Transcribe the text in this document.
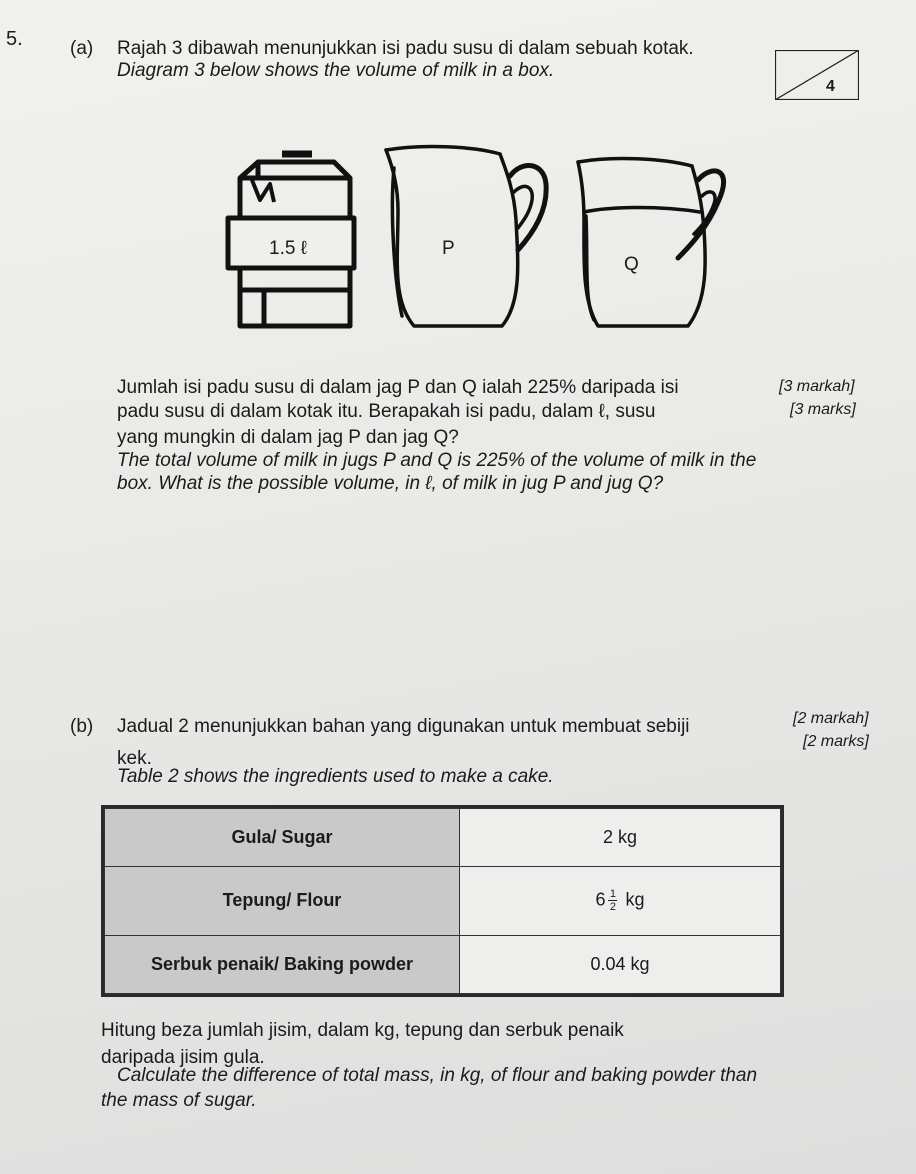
5. (a) Rajah 3 dibawah menunjukkan isi padu susu di dalam sebuah kotak.
Diagram 3 below shows the volume of milk in a box.
4
1.5 ℓ	P
Q
Jumlah isi padu susu di dalam jag P dan Q ialah 225% daripada isi
padu susu di dalam kotak itu. Berapakah isi padu, dalam ℓ, susu
yang mungkin di dalam jag P dan jag Q?
The total volume of milk in jugs P and Q is 225% of the volume of milk in the
box. What is the possible volume, in ℓ, of milk in jug P and jug Q?
[3 markah]
[3 marks]
(b) Jadual 2 menunjukkan bahan yang digunakan untuk membuat sebiji
kek.
Table 2 shows the ingredients used to make a cake.
[2 markah]
[2 marks]
Gula/ Sugar	2 kg
Tepung/ Flour	$6 \frac{1}{2}$ kg
Serbuk penaik/ Baking powder	0.04 kg
Hitung beza jumlah jisim, dalam kg, tepung dan serbuk penaik
daripada jisim gula.
Calculate the difference of total mass, in kg, of flour and baking powder than
the mass of sugar.
